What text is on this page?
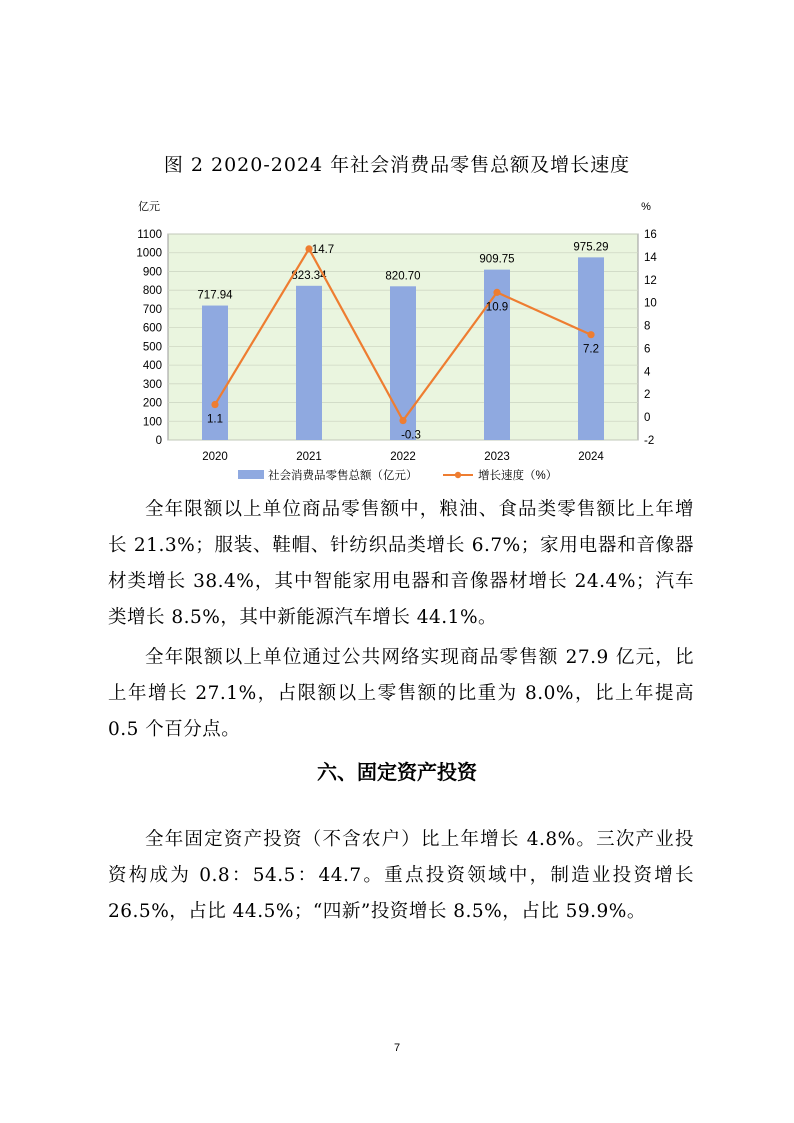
图 2 2020-2024 年社会消费品零售总额及增长速度
亿元	%
0
100
200
300
400
500
600
700
800
900
1000
1100
-2
0
2
4
6
8
10
12
14
16
717.94
823.34	820.70
909.75
975.29
2020	2021	2022	2023	2024
1.1
14.7
-0.3
10.9
7.2
社会消费品零售总额（亿元）	增长速度（%）
全年限额以上单位商品零售额中，粮油、食品类零售额比上年增长 21.3%；服装、鞋帽、针纺织品类增长 6.7%；家用电器和音像器材类增长 38.4%，其中智能家用电器和音像器材增长 24.4%；汽车类增长 8.5%，其中新能源汽车增长 44.1%。
全年限额以上单位通过公共网络实现商品零售额 27.9 亿元，比上年增长 27.1%，占限额以上零售额的比重为 8.0%，比上年提高 0.5 个百分点。
六、固定资产投资
全年固定资产投资（不含农户）比上年增长 4.8%。三次产业投资构成为 0.8：54.5：44.7。重点投资领域中，制造业投资增长 26.5%，占比 44.5%；“四新”投资增长 8.5%，占比 59.9%。
7
